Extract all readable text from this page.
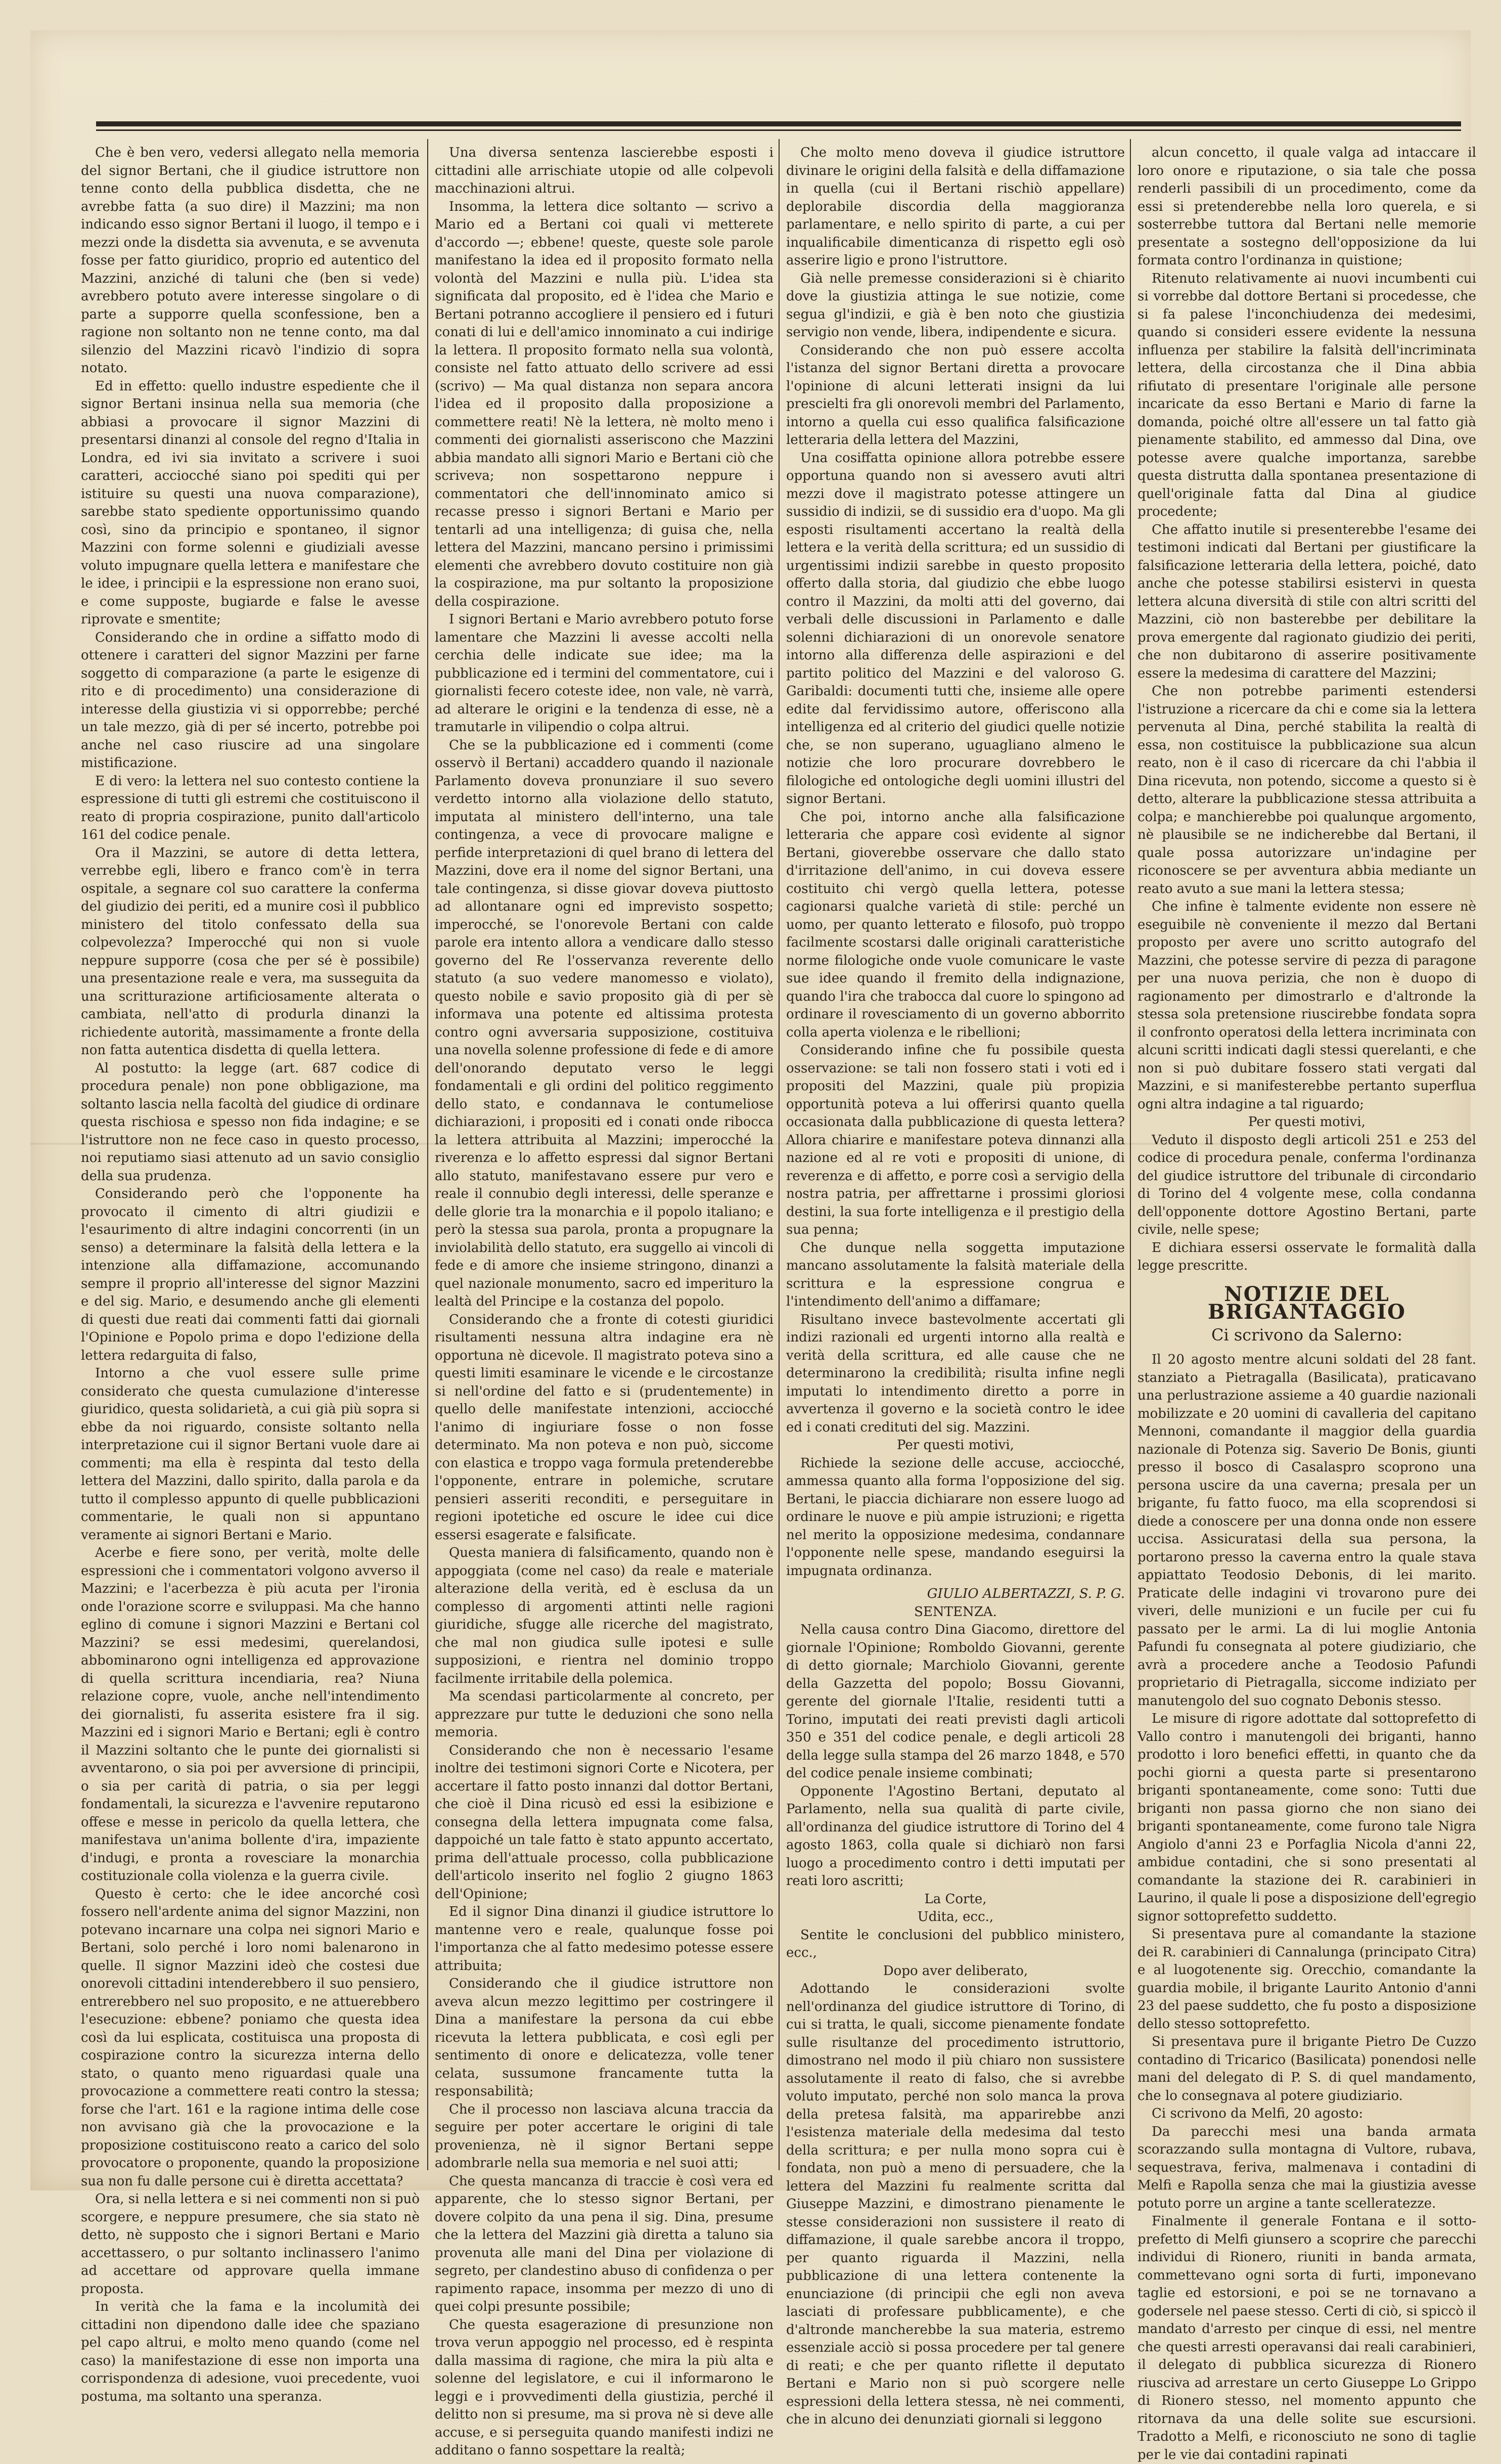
Che è ben vero, vedersi allegato nella memoria del signor Bertani, che il giudice istruttore non tenne conto della pubblica disdetta, che ne avrebbe fatta (a suo dire) il Mazzini; ma non indicando esso signor Bertani il luogo, il tempo e i mezzi onde la disdetta sia avvenuta, e se avvenuta fosse per fatto giuridico, proprio ed autentico del Mazzini, anziché di taluni che (ben si vede) avrebbero potuto avere interesse singolare o di parte a supporre quella sconfessione, ben a ragione non soltanto non ne tenne conto, ma dal silenzio del Mazzini ricavò l'indizio di sopra notato.

Ed in effetto: quello industre espediente che il signor Bertani insinua nella sua memoria (che abbiasi a provocare il signor Mazzini di presentarsi dinanzi al console del regno d'Italia in Londra, ed ivi sia invitato a scrivere i suoi caratteri, acciocché siano poi spediti qui per istituire su questi una nuova comparazione), sarebbe stato spediente opportunissimo quando così, sino da principio e spontaneo, il signor Mazzini con forme solenni e giudiziali avesse voluto impugnare quella lettera e manifestare che le idee, i principii e la espressione non erano suoi, e come supposte, bugiarde e false le avesse riprovate e smentite;

Considerando che in ordine a siffatto modo di ottenere i caratteri del signor Mazzini per farne soggetto di comparazione (a parte le esigenze di rito e di procedimento) una considerazione di interesse della giustizia vi si opporrebbe; perché un tale mezzo, già di per sé incerto, potrebbe poi anche nel caso riuscire ad una singolare mistificazione.

E di vero: la lettera nel suo contesto contiene la espressione di tutti gli estremi che costituiscono il reato di propria cospirazione, punito dall'articolo 161 del codice penale.

Ora il Mazzini, se autore di detta lettera, verrebbe egli, libero e franco com'è in terra ospitale, a segnare col suo carattere la conferma del giudizio dei periti, ed a munire così il pubblico ministero del titolo confessato della sua colpevolezza? Imperocché qui non si vuole neppure supporre (cosa che per sé è possibile) una presentazione reale e vera, ma susseguita da una scritturazione artificiosamente alterata o cambiata, nell'atto di produrla dinanzi la richiedente autorità, massimamente a fronte della non fatta autentica disdetta di quella lettera.

Al postutto: la legge (art. 687 codice di procedura penale) non pone obbligazione, ma soltanto lascia nella facoltà del giudice di ordinare questa rischiosa e spesso non fida indagine; e se l'istruttore non ne fece caso in questo processo, noi reputiamo siasi attenuto ad un savio consiglio della sua prudenza.

Considerando però che l'opponente ha provocato il cimento di altri giudizii e l'esaurimento di altre indagini concorrenti (in un senso) a determinare la falsità della lettera e la intenzione alla diffamazione, accomunando sempre il proprio all'interesse del signor Mazzini e del sig. Mario, e desumendo anche gli elementi di questi due reati dai commenti fatti dai giornali l'Opinione e Popolo prima e dopo l'edizione della lettera redarguita di falso,

Intorno a che vuol essere sulle prime considerato che questa cumulazione d'interesse giuridico, questa solidarietà, a cui già più sopra si ebbe da noi riguardo, consiste soltanto nella interpretazione cui il signor Bertani vuole dare ai commenti; ma ella è respinta dal testo della lettera del Mazzini, dallo spirito, dalla parola e da tutto il complesso appunto di quelle pubblicazioni commentarie, le quali non si appuntano veramente ai signori Bertani e Mario.

Acerbe e fiere sono, per verità, molte delle espressioni che i commentatori volgono avverso il Mazzini; e l'acerbezza è più acuta per l'ironia onde l'orazione scorre e sviluppasi. Ma che hanno eglino di comune i signori Mazzini e Bertani col Mazzini? se essi medesimi, querelandosi, abbominarono ogni intelligenza ed approvazione di quella scrittura incendiaria, rea? Niuna relazione copre, vuole, anche nell'intendimento dei giornalisti, fu asserita esistere fra il sig. Mazzini ed i signori Mario e Bertani; egli è contro il Mazzini soltanto che le punte dei giornalisti si avventarono, o sia poi per avversione di principii, o sia per carità di patria, o sia per leggi fondamentali, la sicurezza e l'avvenire reputarono offese e messe in pericolo da quella lettera, che manifestava un'anima bollente d'ira, impaziente d'indugi, e pronta a rovesciare la monarchia costituzionale colla violenza e la guerra civile.

Questo è certo: che le idee ancorché così fossero nell'ardente anima del signor Mazzini, non potevano incarnare una colpa nei signori Mario e Bertani, solo perché i loro nomi balenarono in quelle. Il signor Mazzini ideò che costesi due onorevoli cittadini intenderebbero il suo pensiero, entrerebbero nel suo proposito, e ne attuerebbero l'esecuzione: ebbene? poniamo che questa idea così da lui esplicata, costituisca una proposta di cospirazione contro la sicurezza interna dello stato, o quanto meno riguardasi quale una provocazione a commettere reati contro la stessa; forse che l'art. 161 e la ragione intima delle cose non avvisano già che la provocazione e la proposizione costituiscono reato a carico del solo provocatore o proponente, quando la proposizione sua non fu dalle persone cui è diretta accettata?

Ora, si nella lettera e si nei commenti non si può scorgere, e neppure presumere, che sia stato nè detto, nè supposto che i signori Bertani e Mario accettassero, o pur soltanto inclinassero l'animo ad accettare od approvare quella immane proposta.

In verità che la fama e la incolumità dei cittadini non dipendono dalle idee che spaziano pel capo altrui, e molto meno quando (come nel caso) la manifestazione di esse non importa una corrispondenza di adesione, vuoi precedente, vuoi postuma, ma soltanto una speranza.

Una diversa sentenza lascierebbe esposti i cittadini alle arrischiate utopie od alle colpevoli macchinazioni altrui.

Insomma, la lettera dice soltanto — scrivo a Mario ed a Bertani coi quali vi metterete d'accordo —; ebbene! queste, queste sole parole manifestano la idea ed il proposito formato nella volontà del Mazzini e nulla più. L'idea sta significata dal proposito, ed è l'idea che Mario e Bertani potranno accogliere il pensiero ed i futuri conati di lui e dell'amico innominato a cui indirige la lettera. Il proposito formato nella sua volontà, consiste nel fatto attuato dello scrivere ad essi (scrivo) — Ma qual distanza non separa ancora l'idea ed il proposito dalla proposizione a commettere reati! Nè la lettera, nè molto meno i commenti dei giornalisti asseriscono che Mazzini abbia mandato alli signori Mario e Bertani ciò che scriveva; non sospettarono neppure i commentatori che dell'innominato amico si recasse presso i signori Bertani e Mario per tentarli ad una intelligenza; di guisa che, nella lettera del Mazzini, mancano persino i primissimi elementi che avrebbero dovuto costituire non già la cospirazione, ma pur soltanto la proposizione della cospirazione.

I signori Bertani e Mario avrebbero potuto forse lamentare che Mazzini li avesse accolti nella cerchia delle indicate sue idee; ma la pubblicazione ed i termini del commentatore, cui i giornalisti fecero coteste idee, non vale, nè varrà, ad alterare le origini e la tendenza di esse, nè a tramutarle in vilipendio o colpa altrui.

Che se la pubblicazione ed i commenti (come osservò il Bertani) accaddero quando il nazionale Parlamento doveva pronunziare il suo severo verdetto intorno alla violazione dello statuto, imputata al ministero dell'interno, una tale contingenza, a vece di provocare maligne e perfide interpretazioni di quel brano di lettera del Mazzini, dove era il nome del signor Bertani, una tale contingenza, si disse giovar doveva piuttosto ad allontanare ogni ed imprevisto sospetto; imperocché, se l'onorevole Bertani con calde parole era intento allora a vendicare dallo stesso governo del Re l'osservanza reverente dello statuto (a suo vedere manomesso e violato), questo nobile e savio proposito già di per sè informava una potente ed altissima protesta contro ogni avversaria supposizione, costituiva una novella solenne professione di fede e di amore dell'onorando deputato verso le leggi fondamentali e gli ordini del politico reggimento dello stato, e condannava le contumeliose dichiarazioni, i propositi ed i conati onde ribocca la lettera attribuita al Mazzini; imperocché la riverenza e lo affetto espressi dal signor Bertani allo statuto, manifestavano essere pur vero e reale il connubio degli interessi, delle speranze e delle glorie tra la monarchia e il popolo italiano; e però la stessa sua parola, pronta a propugnare la inviolabilità dello statuto, era suggello ai vincoli di fede e di amore che insieme stringono, dinanzi a quel nazionale monumento, sacro ed imperituro la lealtà del Principe e la costanza del popolo.

Considerando che a fronte di cotesti giuridici risultamenti nessuna altra indagine era nè opportuna nè dicevole. Il magistrato poteva sino a questi limiti esaminare le vicende e le circostanze si nell'ordine del fatto e si (prudentemente) in quello delle manifestate intenzioni, acciocché l'animo di ingiuriare fosse o non fosse determinato. Ma non poteva e non può, siccome con elastica e troppo vaga formula pretenderebbe l'opponente, entrare in polemiche, scrutare pensieri asseriti reconditi, e perseguitare in regioni ipotetiche ed oscure le idee cui dice essersi esagerate e falsificate.

Questa maniera di falsificamento, quando non è appoggiata (come nel caso) da reale e materiale alterazione della verità, ed è esclusa da un complesso di argomenti attinti nelle ragioni giuridiche, sfugge alle ricerche del magistrato, che mal non giudica sulle ipotesi e sulle supposizioni, e rientra nel dominio troppo facilmente irritabile della polemica.

Ma scendasi particolarmente al concreto, per apprezzare pur tutte le deduzioni che sono nella memoria.

Considerando che non è necessario l'esame inoltre dei testimoni signori Corte e Nicotera, per accertare il fatto posto innanzi dal dottor Bertani, che cioè il Dina ricusò ed essi la esibizione e consegna della lettera impugnata come falsa, dappoiché un tale fatto è stato appunto accertato, prima dell'attuale processo, colla pubblicazione dell'articolo inserito nel foglio 2 giugno 1863 dell'Opinione;

Ed il signor Dina dinanzi il giudice istruttore lo mantenne vero e reale, qualunque fosse poi l'importanza che al fatto medesimo potesse essere attribuita;

Considerando che il giudice istruttore non aveva alcun mezzo legittimo per costringere il Dina a manifestare la persona da cui ebbe ricevuta la lettera pubblicata, e così egli per sentimento di onore e delicatezza, volle tener celata, sussumone francamente tutta la responsabilità;

Che il processo non lasciava alcuna traccia da seguire per poter accertare le origini di tale provenienza, nè il signor Bertani seppe adombrarle nella sua memoria e nel suoi atti;

Che questa mancanza di traccie è così vera ed apparente, che lo stesso signor Bertani, per dovere colpito da una pena il sig. Dina, presume che la lettera del Mazzini già diretta a taluno sia provenuta alle mani del Dina per violazione di segreto, per clandestino abuso di confidenza o per rapimento rapace, insomma per mezzo di uno di quei colpi presunte possibile;

Che questa esagerazione di presunzione non trova verun appoggio nel processo, ed è respinta dalla massima di ragione, che mira la più alta e solenne del legislatore, e cui il informarono le leggi e i provvedimenti della giustizia, perché il delitto non si presume, ma si prova nè si deve alle accuse, e si perseguita quando manifesti indizi ne additano o fanno sospettare la realtà;

Che molto meno doveva il giudice istruttore divinare le origini della falsità e della diffamazione in quella (cui il Bertani rischiò appellare) deplorabile discordia della maggioranza parlamentare, e nello spirito di parte, a cui per inqualificabile dimenticanza di rispetto egli osò asserire ligio e prono l'istruttore.

Già nelle premesse considerazioni si è chiarito dove la giustizia attinga le sue notizie, come segua gl'indizii, e già è ben noto che giustizia servigio non vende, libera, indipendente e sicura.

Considerando che non può essere accolta l'istanza del signor Bertani diretta a provocare l'opinione di alcuni letterati insigni da lui prescielti fra gli onorevoli membri del Parlamento, intorno a quella cui esso qualifica falsificazione letteraria della lettera del Mazzini,

Una cosiffatta opinione allora potrebbe essere opportuna quando non si avessero avuti altri mezzi dove il magistrato potesse attingere un sussidio di indizii, se di sussidio era d'uopo. Ma gli esposti risultamenti accertano la realtà della lettera e la verità della scrittura; ed un sussidio di urgentissimi indizii sarebbe in questo proposito offerto dalla storia, dal giudizio che ebbe luogo contro il Mazzini, da molti atti del governo, dai verbali delle discussioni in Parlamento e dalle solenni dichiarazioni di un onorevole senatore intorno alla differenza delle aspirazioni e del partito politico del Mazzini e del valoroso G. Garibaldi: documenti tutti che, insieme alle opere edite dal fervidissimo autore, offeriscono alla intelligenza ed al criterio del giudici quelle notizie che, se non superano, uguagliano almeno le notizie che loro procurare dovrebbero le filologiche ed ontologiche degli uomini illustri del signor Bertani.

Che poi, intorno anche alla falsificazione letteraria che appare così evidente al signor Bertani, gioverebbe osservare che dallo stato d'irritazione dell'animo, in cui doveva essere costituito chi vergò quella lettera, potesse cagionarsi qualche varietà di stile: perché un uomo, per quanto letterato e filosofo, può troppo facilmente scostarsi dalle originali caratteristiche norme filologiche onde vuole comunicare le vaste sue idee quando il fremito della indignazione, quando l'ira che trabocca dal cuore lo spingono ad ordinare il rovesciamento di un governo abborrito colla aperta violenza e le ribellioni;

Considerando infine che fu possibile questa osservazione: se tali non fossero stati i voti ed i propositi del Mazzini, quale più propizia opportunità poteva a lui offerirsi quanto quella occasionata dalla pubblicazione di questa lettera? Allora chiarire e manifestare poteva dinnanzi alla nazione ed al re voti e propositi di unione, di reverenza e di affetto, e porre così a servigio della nostra patria, per affrettarne i prossimi gloriosi destini, la sua forte intelligenza e il prestigio della sua penna;

Che dunque nella soggetta imputazione mancano assolutamente la falsità materiale della scrittura e la espressione congrua e l'intendimento dell'animo a diffamare;

Risultano invece bastevolmente accertati gli indizi razionali ed urgenti intorno alla realtà e verità della scrittura, ed alle cause che ne determinarono la credibilità; risulta infine negli imputati lo intendimento diretto a porre in avvertenza il governo e la società contro le idee ed i conati credituti del sig. Mazzini.

Per questi motivi,

Richiede la sezione delle accuse, acciocché, ammessa quanto alla forma l'opposizione del sig. Bertani, le piaccia dichiarare non essere luogo ad ordinare le nuove e più ampie istruzioni; e rigetta nel merito la opposizione medesima, condannare l'opponente nelle spese, mandando eseguirsi la impugnata ordinanza.

GIULIO ALBERTAZZI, S. P. G.

SENTENZA.

Nella causa contro Dina Giacomo, direttore del giornale l'Opinione; Romboldo Giovanni, gerente di detto giornale; Marchiolo Giovanni, gerente della Gazzetta del popolo; Bossu Giovanni, gerente del giornale l'Italie, residenti tutti a Torino, imputati dei reati previsti dagli articoli 350 e 351 del codice penale, e degli articoli 28 della legge sulla stampa del 26 marzo 1848, e 570 del codice penale insieme combinati;

Opponente l'Agostino Bertani, deputato al Parlamento, nella sua qualità di parte civile, all'ordinanza del giudice istruttore di Torino del 4 agosto 1863, colla quale si dichiarò non farsi luogo a procedimento contro i detti imputati per reati loro ascritti;

La Corte,

Udita, ecc.,

Sentite le conclusioni del pubblico ministero, ecc.,

Dopo aver deliberato,

Adottando le considerazioni svolte nell'ordinanza del giudice istruttore di Torino, di cui si tratta, le quali, siccome pienamente fondate sulle risultanze del procedimento istruttorio, dimostrano nel modo il più chiaro non sussistere assolutamente il reato di falso, che si avrebbe voluto imputato, perché non solo manca la prova della pretesa falsità, ma apparirebbe anzi l'esistenza materiale della medesima dal testo della scrittura; e per nulla mono sopra cui è fondata, non può a meno di persuadere, che la lettera del Mazzini fu realmente scritta dal Giuseppe Mazzini, e dimostrano pienamente le stesse considerazioni non sussistere il reato di diffamazione, il quale sarebbe ancora il troppo, per quanto riguarda il Mazzini, nella pubblicazione di una lettera contenente la enunciazione (di principii che egli non aveva lasciati di professare pubblicamente), e che d'altronde mancherebbe la sua materia, estremo essenziale acciò si possa procedere per tal genere di reati; e che per quanto riflette il deputato Bertani e Mario non si può scorgere nelle espressioni della lettera stessa, nè nei commenti, che in alcuno dei denunziati giornali si leggono

alcun concetto, il quale valga ad intaccare il loro onore e riputazione, o sia tale che possa renderli passibili di un procedimento, come da essi si pretenderebbe nella loro querela, e si sosterrebbe tuttora dal Bertani nelle memorie presentate a sostegno dell'opposizione da lui formata contro l'ordinanza in quistione;

Ritenuto relativamente ai nuovi incumbenti cui si vorrebbe dal dottore Bertani si procedesse, che si fa palese l'inconchiudenza dei medesimi, quando si consideri essere evidente la nessuna influenza per stabilire la falsità dell'incriminata lettera, della circostanza che il Dina abbia rifiutato di presentare l'originale alle persone incaricate da esso Bertani e Mario di farne la domanda, poiché oltre all'essere un tal fatto già pienamente stabilito, ed ammesso dal Dina, ove potesse avere qualche importanza, sarebbe questa distrutta dalla spontanea presentazione di quell'originale fatta dal Dina al giudice procedente;

Che affatto inutile si presenterebbe l'esame dei testimoni indicati dal Bertani per giustificare la falsificazione letteraria della lettera, poiché, dato anche che potesse stabilirsi esistervi in questa lettera alcuna diversità di stile con altri scritti del Mazzini, ciò non basterebbe per debilitare la prova emergente dal ragionato giudizio dei periti, che non dubitarono di asserire positivamente essere la medesima di carattere del Mazzini;

Che non potrebbe parimenti estendersi l'istruzione a ricercare da chi e come sia la lettera pervenuta al Dina, perché stabilita la realtà di essa, non costituisce la pubblicazione sua alcun reato, non è il caso di ricercare da chi l'abbia il Dina ricevuta, non potendo, siccome a questo si è detto, alterare la pubblicazione stessa attribuita a colpa; e manchierebbe poi qualunque argomento, nè plausibile se ne indicherebbe dal Bertani, il quale possa autorizzare un'indagine per riconoscere se per avventura abbia mediante un reato avuto a sue mani la lettera stessa;

Che infine è talmente evidente non essere nè eseguibile nè conveniente il mezzo dal Bertani proposto per avere uno scritto autografo del Mazzini, che potesse servire di pezza di paragone per una nuova perizia, che non è duopo di ragionamento per dimostrarlo e d'altronde la stessa sola pretensione riuscirebbe fondata sopra il confronto operatosi della lettera incriminata con alcuni scritti indicati dagli stessi querelanti, e che non si può dubitare fossero stati vergati dal Mazzini, e si manifesterebbe pertanto superflua ogni altra indagine a tal riguardo;

Per questi motivi,

Veduto il disposto degli articoli 251 e 253 del codice di procedura penale, conferma l'ordinanza del giudice istruttore del tribunale di circondario di Torino del 4 volgente mese, colla condanna dell'opponente dottore Agostino Bertani, parte civile, nelle spese;

E dichiara essersi osservate le formalità dalla legge prescritte.

NOTIZIE DEL BRIGANTAGGIO
Ci scrivono da Salerno:

Il 20 agosto mentre alcuni soldati del 28 fant. stanziato a Pietragalla (Basilicata), praticavano una perlustrazione assieme a 40 guardie nazionali mobilizzate e 20 uomini di cavalleria del capitano Mennoni, comandante il maggior della guardia nazionale di Potenza sig. Saverio De Bonis, giunti presso il bosco di Casalaspro scoprono una persona uscire da una caverna; presala per un brigante, fu fatto fuoco, ma ella scoprendosi si diede a conoscere per una donna onde non essere uccisa. Assicuratasi della sua persona, la portarono presso la caverna entro la quale stava appiattato Teodosio Debonis, di lei marito. Praticate delle indagini vi trovarono pure dei viveri, delle munizioni e un fucile per cui fu passato per le armi. La di lui moglie Antonia Pafundi fu consegnata al potere giudiziario, che avrà a procedere anche a Teodosio Pafundi proprietario di Pietragalla, siccome indiziato per manutengolo del suo cognato Debonis stesso.

Le misure di rigore adottate dal sottoprefetto di Vallo contro i manutengoli dei briganti, hanno prodotto i loro benefici effetti, in quanto che da pochi giorni a questa parte si presentarono briganti spontaneamente, come sono: Tutti due briganti non passa giorno che non siano dei briganti spontaneamente, come furono tale Nigra Angiolo d'anni 23 e Porfaglia Nicola d'anni 22, ambidue contadini, che si sono presentati al comandante la stazione dei R. carabinieri in Laurino, il quale li pose a disposizione dell'egregio signor sottoprefetto suddetto.

Si presentava pure al comandante la stazione dei R. carabinieri di Cannalunga (principato Citra) e al luogotenente sig. Orecchio, comandante la guardia mobile, il brigante Laurito Antonio d'anni 23 del paese suddetto, che fu posto a disposizione dello stesso sottoprefetto.

Si presentava pure il brigante Pietro De Cuzzo contadino di Tricarico (Basilicata) ponendosi nelle mani del delegato di P. S. di quel mandamento, che lo consegnava al potere giudiziario.

Ci scrivono da Melfi, 20 agosto:

Da parecchi mesi una banda armata scorazzando sulla montagna di Vultore, rubava, sequestrava, feriva, malmenava i contadini di Melfi e Rapolla senza che mai la giustizia avesse potuto porre un argine a tante scelleratezze.

Finalmente il generale Fontana e il sotto-prefetto di Melfi giunsero a scoprire che parecchi individui di Rionero, riuniti in banda armata, commettevano ogni sorta di furti, imponevano taglie ed estorsioni, e poi se ne tornavano a godersele nel paese stesso. Certi di ciò, si spiccò il mandato d'arresto per cinque di essi, nel mentre che questi arresti operavansi dai reali carabinieri, il delegato di pubblica sicurezza di Rionero riusciva ad arrestare un certo Giuseppe Lo Grippo di Rionero stesso, nel momento appunto che ritornava da una delle solite sue escursioni. Tradotto a Melfi, e riconosciuto ne sono di taglie per le vie dai contadini rapinati
